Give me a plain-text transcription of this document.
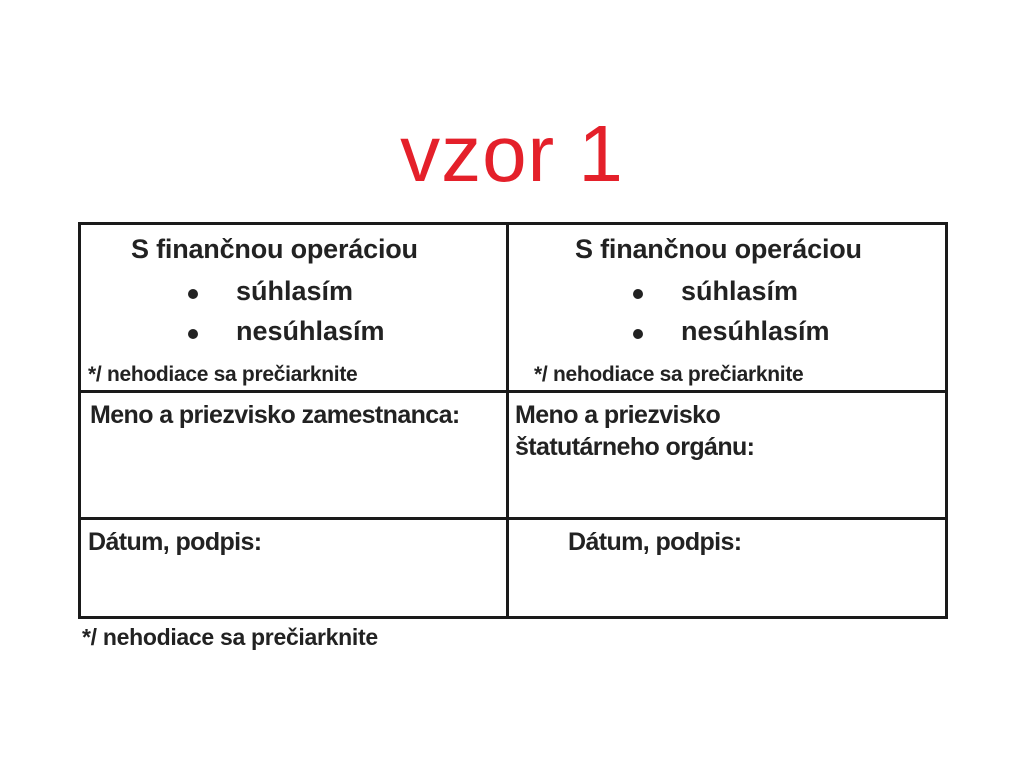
vzor 1
S finančnou operáciou
súhlasím
nesúhlasím
*/ nehodiace sa prečiarknite
S finančnou operáciou
súhlasím
nesúhlasím
*/ nehodiace sa prečiarknite
Meno a priezvisko zamestnanca: Meno a priezvisko
štatutárneho orgánu:
Dátum, podpis:	Dátum, podpis:
*/ nehodiace sa prečiarknite
